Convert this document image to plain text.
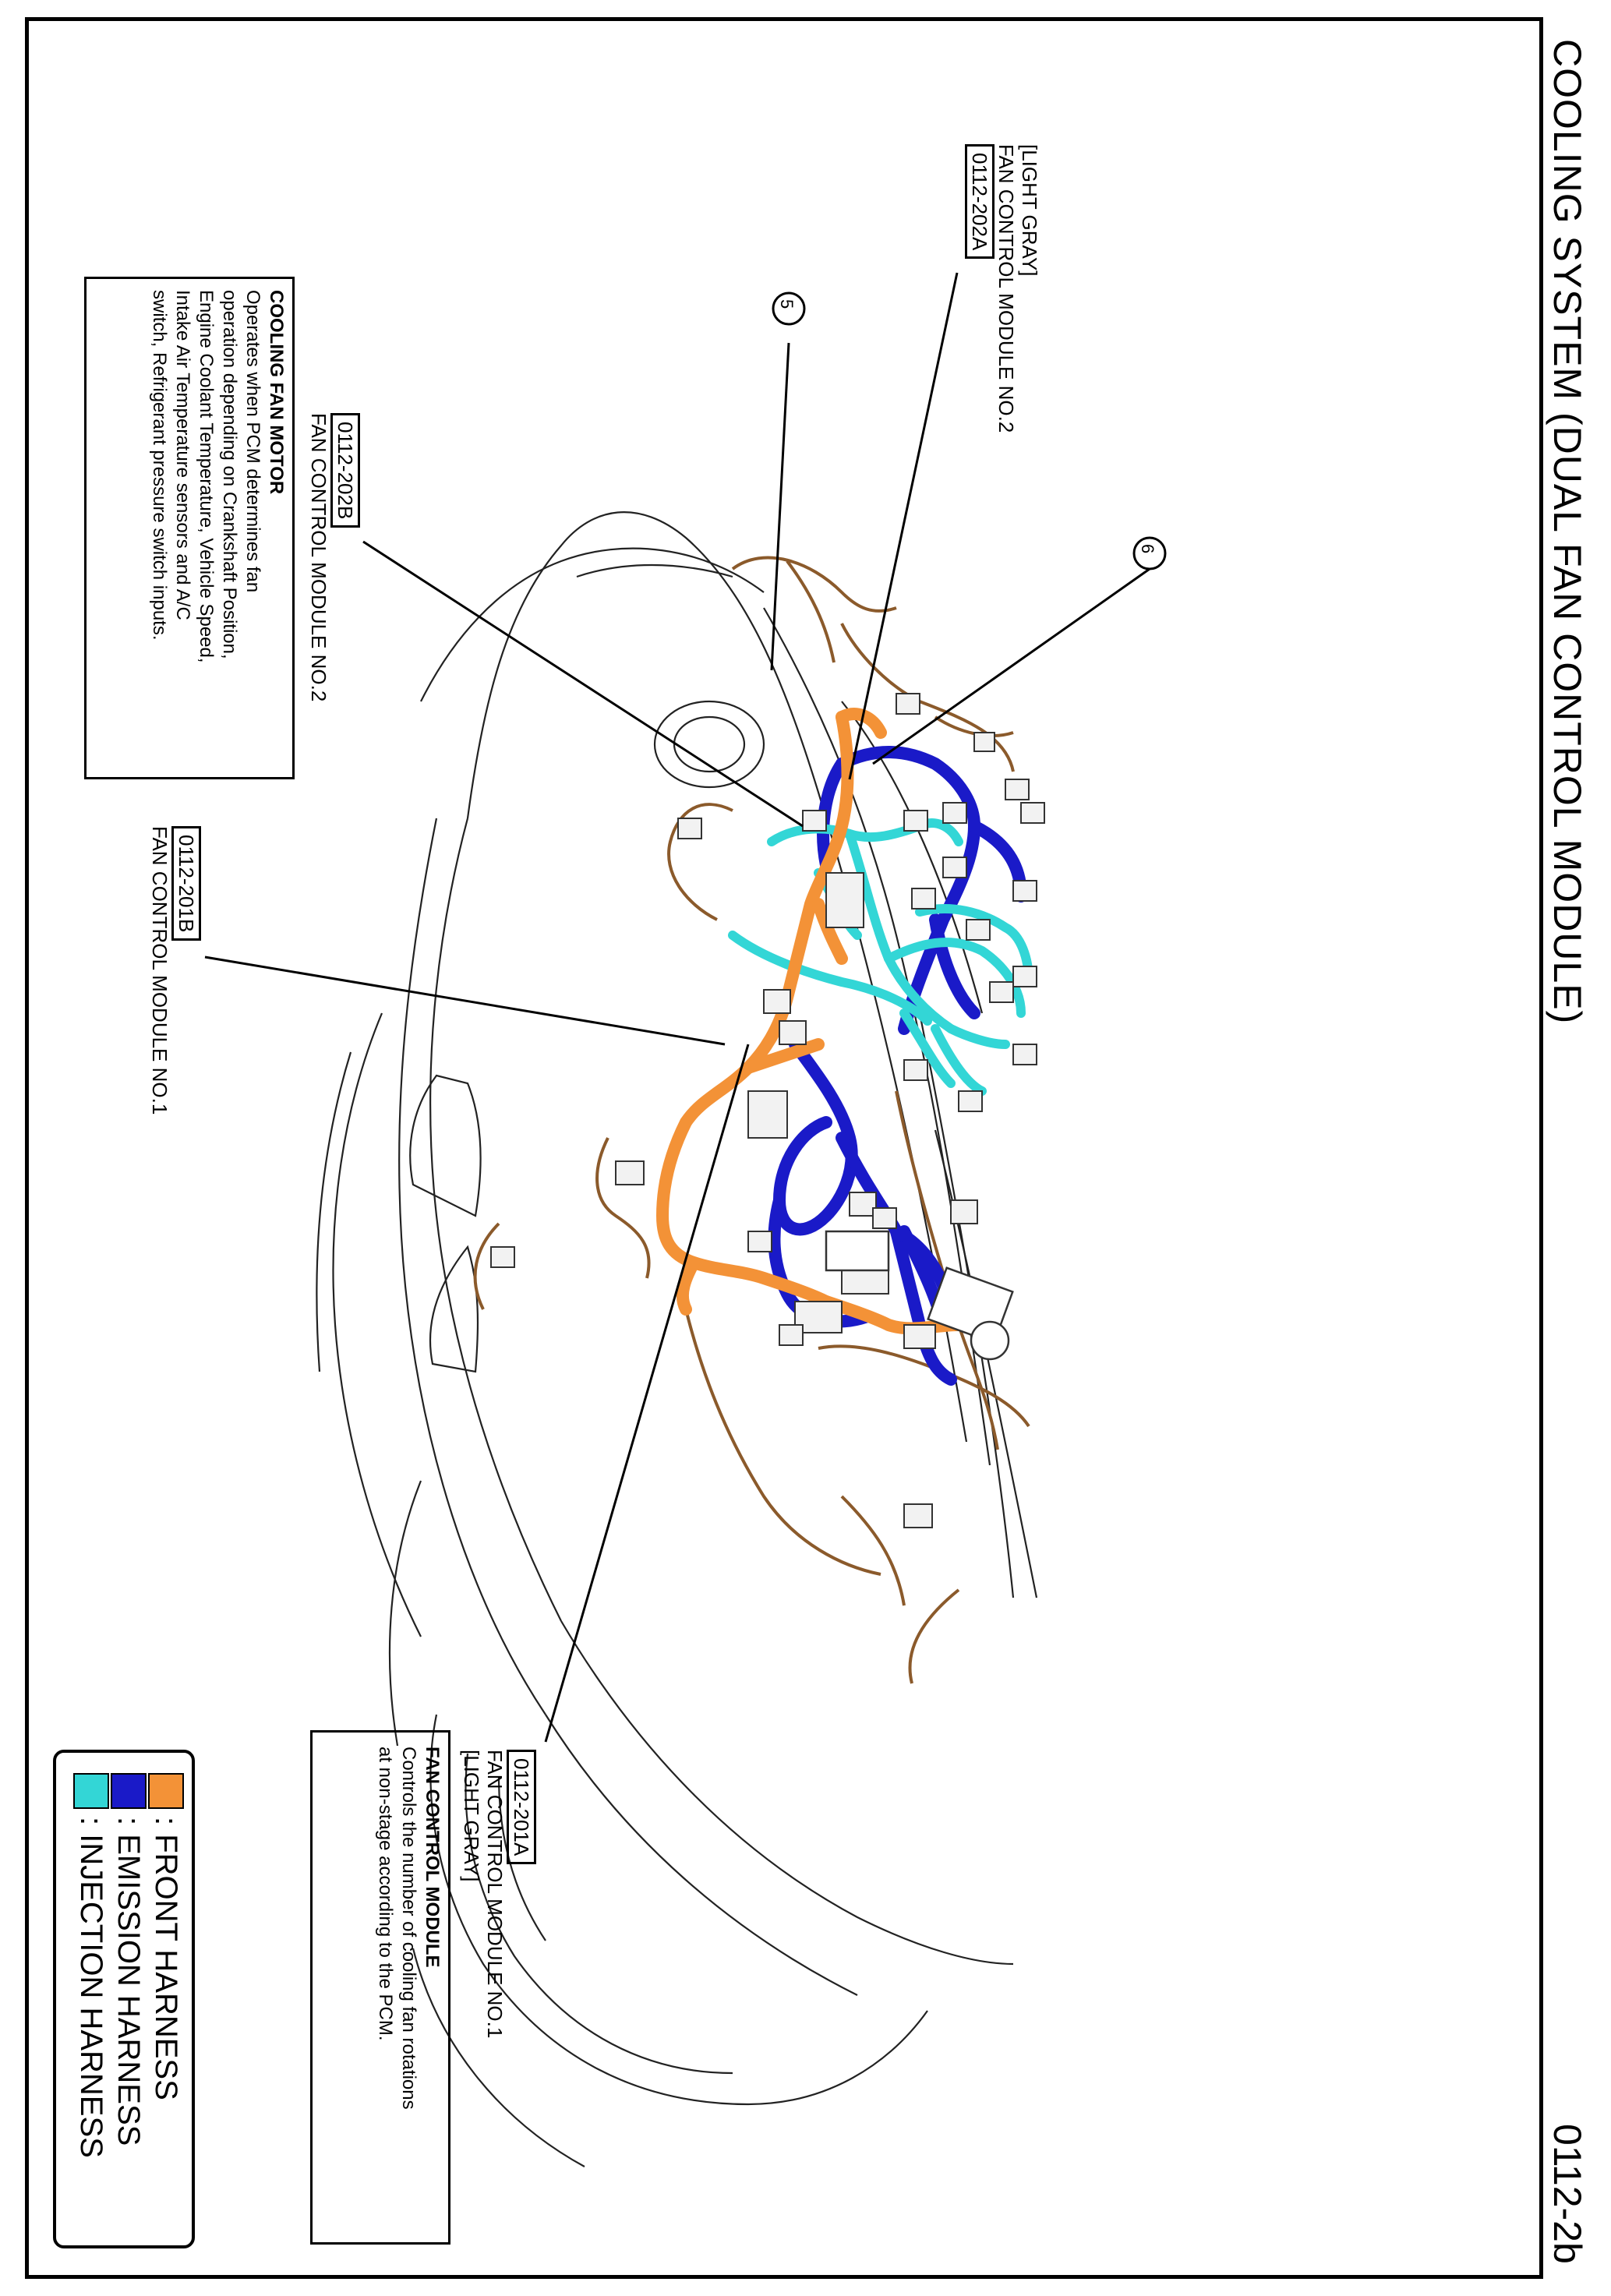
5
6	COOLING SYSTEM (DUAL FAN CONTROL MODULE)
0112-2b
[LIGHT GRAY]
FAN CONTROL MODULE NO.2
0112-202A
0112-202B
FAN CONTROL MODULE NO.2
0112-201B
FAN CONTROL MODULE NO.1
0112-201A
FAN CONTROL MODULE NO.1
[LIGHT GRAY]
COOLING FAN MOTOR
Operates when PCM determines fan
operation depending on Crankshaft Position,
Engine Coolant Temperature, Vehicle Speed,
Intake Air Temperature sensors and A/C
switch, Refrigerant pressure switch inputs.
FAN CONTROL MODULE
Controls the number of cooling fan rotations
at non-stage according to the PCM.
: FRONT HARNESS
: EMISSION HARNESS
: INJECTION HARNESS
